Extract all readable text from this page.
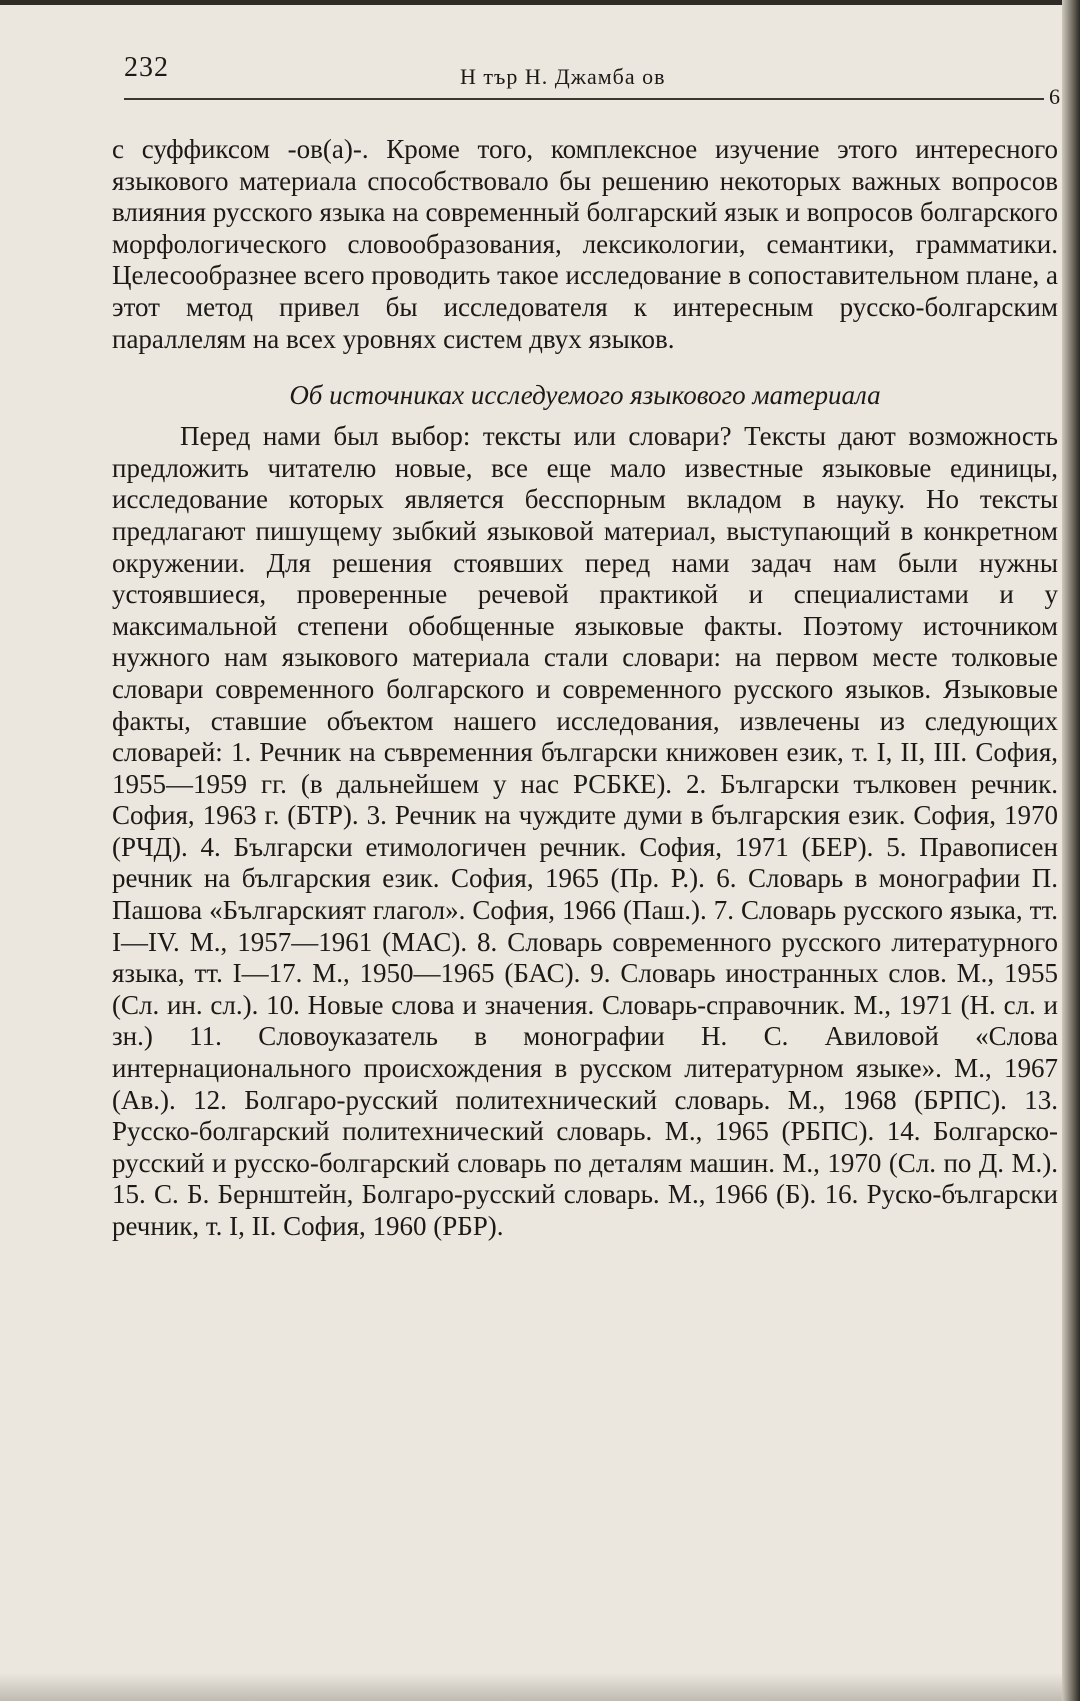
232	Н тър Н. Джамба ов
6

с суффиксом -ов(а)-. Кроме того, комплексное изучение этого интересного языкового материала способствовало бы решению некоторых важных вопросов влияния русского языка на современный болгарский язык и вопросов болгарского морфологического словообразования, лексикологии, семантики, грамматики. Целесообразнее всего проводить такое исследование в сопоставительном плане, а этот метод привел бы исследователя к интересным русско-болгарским параллелям на всех уровнях систем двух языков.

Об источниках исследуемого языкового материала

Перед нами был выбор: тексты или словари? Тексты дают возможность предложить читателю новые, все еще мало известные языковые единицы, исследование которых является бесспорным вкладом в науку. Но тексты предлагают пишущему зыбкий языковой материал, выступающий в конкретном окружении. Для решения стоявших перед нами задач нам были нужны устоявшиеся, проверенные речевой практикой и специалистами и у максимальной степени обобщенные языковые факты. Поэтому источником нужного нам языкового материала стали словари: на первом месте толковые словари современного болгарского и современного русского языков. Языковые факты, ставшие объектом нашего исследования, извлечены из следующих словарей: 1. Речник на съвременния български книжовен език, т. I, II, III. София, 1955—1959 гг. (в дальнейшем у нас РСБКЕ). 2. Български тълковен речник. София, 1963 г. (БТР). 3. Речник на чуждите думи в българския език. София, 1970 (РЧД). 4. Български етимологичен речник. София, 1971 (БЕР). 5. Правописен речник на българския език. София, 1965 (Пр. Р.). 6. Словарь в монографии П. Пашова «Българският глагол». София, 1966 (Паш.). 7. Словарь русского языка, тт. I—IV. М., 1957—1961 (МАС). 8. Словарь современного русского литературного языка, тт. I—17. М., 1950—1965 (БАС). 9. Словарь иностранных слов. М., 1955 (Сл. ин. сл.). 10. Новые слова и значения. Словарь-справочник. М., 1971 (Н. сл. и зн.) 11. Словоуказатель в монографии Н. С. Авиловой «Слова интернационального происхождения в русском литературном языке». М., 1967 (Ав.). 12. Болгаро-русский политехнический словарь. М., 1968 (БРПС). 13. Русско-болгарский политехнический словарь. М., 1965 (РБПС). 14. Болгарско-русский и русско-болгарский словарь по деталям машин. М., 1970 (Сл. по Д. М.). 15. С. Б. Бернштейн, Болгаро-русский словарь. М., 1966 (Б). 16. Руско-български речник, т. I, II. София, 1960 (РБР).
